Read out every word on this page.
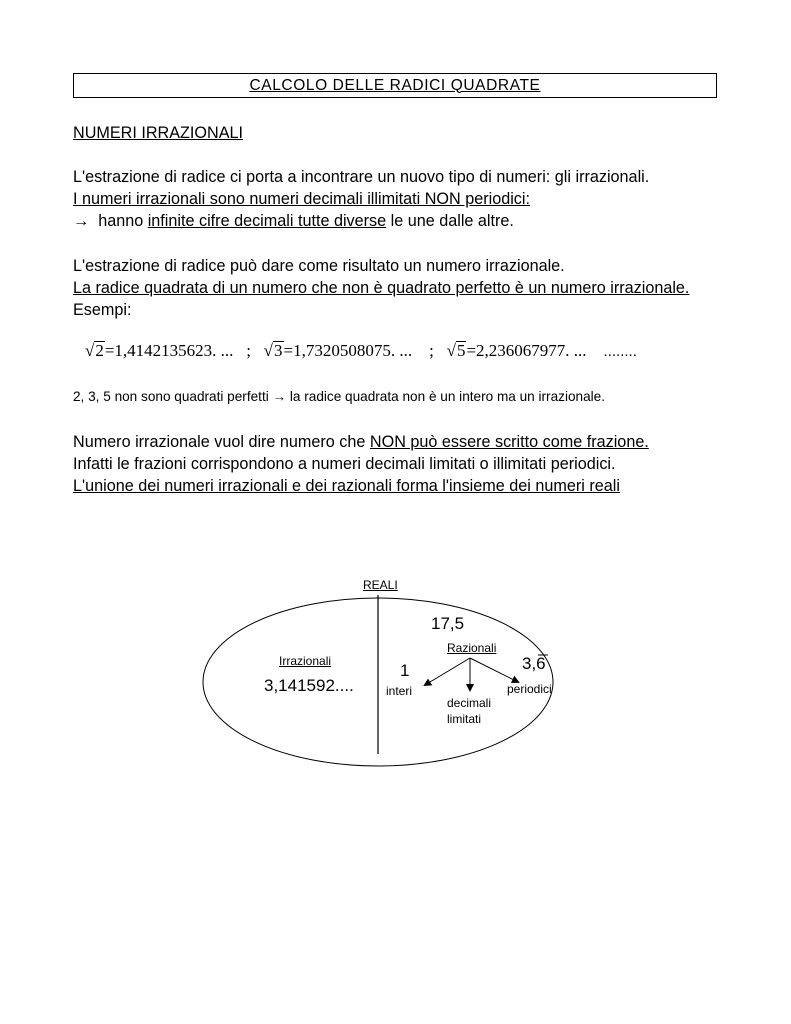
CALCOLO DELLE RADICI QUADRATE
NUMERI IRRAZIONALI
L'estrazione di radice ci porta a incontrare un nuovo tipo di numeri: gli irrazionali.
I numeri irrazionali sono numeri decimali illimitati NON periodici:
→ hanno infinite cifre decimali tutte diverse le une dalle altre.
L'estrazione di radice può dare come risultato un numero irrazionale.
La radice quadrata di un numero che non è quadrato perfetto è un numero irrazionale.
Esempi:
√2=1,4142135623. ... ; √3=1,7320508075. ... ; √5=2,236067977. ... ........
2, 3, 5 non sono quadrati perfetti → la radice quadrata non è un intero ma un irrazionale.
Numero irrazionale vuol dire numero che NON può essere scritto come frazione.
Infatti le frazioni corrispondono a numeri decimali limitati o illimitati periodici.
L'unione dei numeri irrazionali e dei razionali forma l'insieme dei numeri reali
REALI
Irrazionali
3,141592....
17,5
Razionali
1
interi
decimali
limitati
3,6
periodici
